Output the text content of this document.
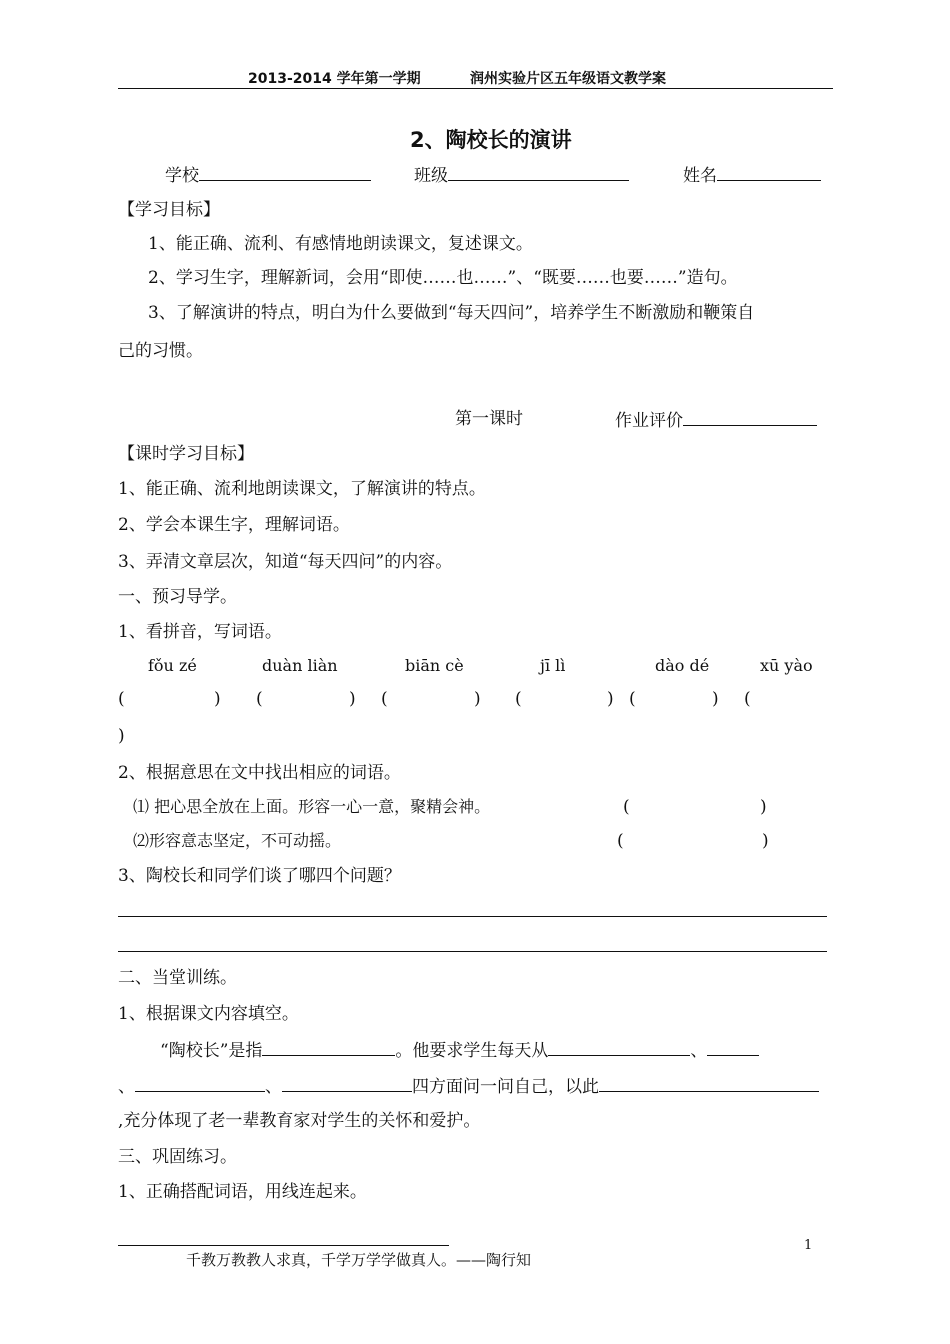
2013-2014 学年第一学期	润州实验片区五年级语文教学案
2、陶校长的演讲
学校	班级	姓名
【学习目标】
1、能正确、流利、有感情地朗读课文，复述课文。
2、学习生字，理解新词，会用“即使……也……”、“既要……也要……”造句。
3、了解演讲的特点，明白为什么要做到“每天四问”，培养学生不断激励和鞭策自
己的习惯。
第一课时	作业评价
【课时学习目标】
1、能正确、流利地朗读课文，了解演讲的特点。
2、学会本课生字，理解词语。
3、弄清文章层次，知道“每天四问”的内容。
一、预习导学。
1、看拼音，写词语。
fǒu zé	duàn liàn	biān cè	jī lì	dào dé	xū yào
(	) (	) (	) (	) (	) (
)
2、根据意思在文中找出相应的词语。
⑴ 把心思全放在上面。形容一心一意，聚精会神。	(	)
⑵形容意志坚定，不可动摇。	(	)
3、陶校长和同学们谈了哪四个问题？
二、当堂训练。
1、根据课文内容填空。
“陶校长”是指	。他要求学生每天从	、
、	、	四方面问一问自己，以此
,充分体现了老一辈教育家对学生的关怀和爱护。
三、巩固练习。
1、正确搭配词语，用线连起来。
千教万教教人求真，千学万学学做真人。——陶行知
1
